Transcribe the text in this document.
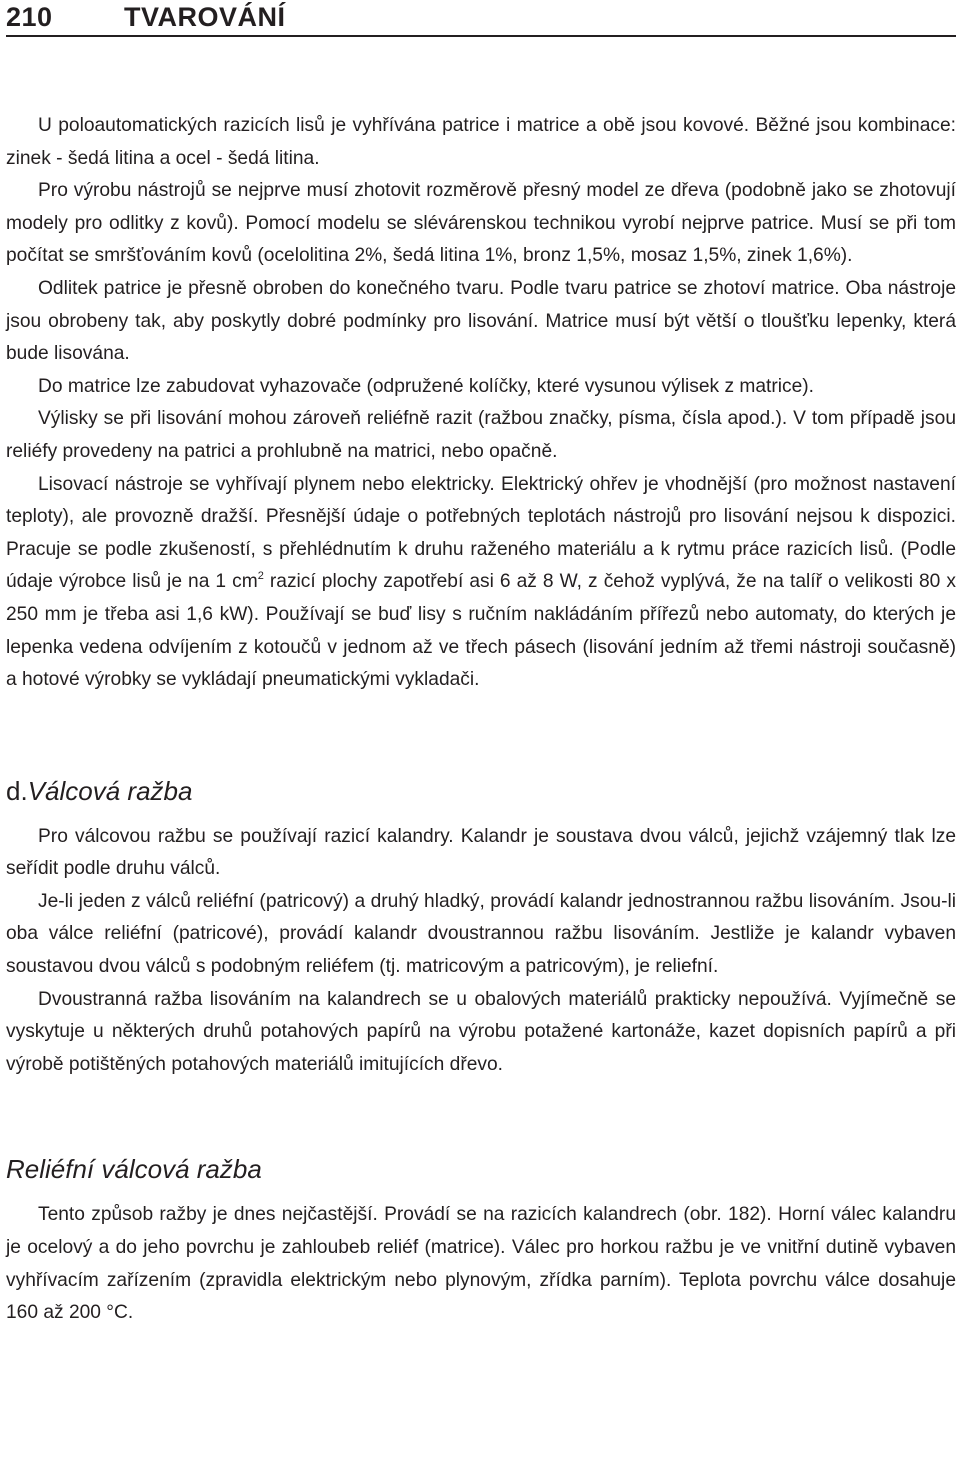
210	TVAROVÁNÍ

U poloautomatických razicích lisů je vyhřívána patrice i matrice a obě jsou kovové. Běžné jsou kombinace: zinek - šedá litina a ocel - šedá litina.

Pro výrobu nástrojů se nejprve musí zhotovit rozměrově přesný model ze dřeva (podobně jako se zhotovují modely pro odlitky z kovů). Pomocí modelu se slévárenskou technikou vyrobí nejprve patrice. Musí se při tom počítat se smršťováním kovů (ocelolitina 2%, šedá litina 1%, bronz 1,5%, mosaz 1,5%, zinek 1,6%).

Odlitek patrice je přesně obroben do konečného tvaru. Podle tvaru patrice se zhotoví matrice. Oba nástroje jsou obrobeny tak, aby poskytly dobré podmínky pro lisování. Matrice musí být větší o tloušťku lepenky, která bude lisována.

Do matrice lze zabudovat vyhazovače (odpružené kolíčky, které vysunou výlisek z matrice).

Výlisky se při lisování mohou zároveň reliéfně razit (ražbou značky, písma, čísla apod.). V tom případě jsou reliéfy provedeny na patrici a prohlubně na matrici, nebo opačně.

Lisovací nástroje se vyhřívají plynem nebo elektricky. Elektrický ohřev je vhodnější (pro možnost nastavení teploty), ale provozně dražší. Přesnější údaje o potřebných teplotách nástrojů pro lisování nejsou k dispozici. Pracuje se podle zkušeností, s přehlédnutím k druhu raženého materiálu a k rytmu práce razicích lisů. (Podle údaje výrobce lisů je na 1 $cm^2$ razicí plochy zapotřebí asi 6 až 8 W, z čehož vyplývá, že na talíř o velikosti 80 x 250 mm je třeba asi 1,6 kW). Používají se buď lisy s ručním nakládáním přířezů nebo automaty, do kterých je lepenka vedena odvíjením z kotoučů v jednom až ve třech pásech (lisování jedním až třemi nástroji současně) a hotové výrobky se vykládají pneumatickými vykladači.

d.Válcová ražba

Pro válcovou ražbu se používají razicí kalandry. Kalandr je soustava dvou válců, jejichž vzájemný tlak lze seřídit podle druhu válců.

Je-li jeden z válců reliéfní (patricový) a druhý hladký, provádí kalandr jednostrannou ražbu lisováním. Jsou-li oba válce reliéfní (patricové), provádí kalandr dvoustrannou ražbu lisováním. Jestliže je kalandr vybaven soustavou dvou válců s podobným reliéfem (tj. matricovým a patricovým), je reliefní.

Dvoustranná ražba lisováním na kalandrech se u obalových materiálů prakticky nepoužívá. Vyjímečně se vyskytuje u některých druhů potahových papírů na výrobu potažené kartonáže, kazet dopisních papírů a při výrobě potištěných potahových materiálů imitujících dřevo.

Reliéfní válcová ražba

Tento způsob ražby je dnes nejčastější. Provádí se na razicích kalandrech (obr. 182). Horní válec kalandru je ocelový a do jeho povrchu je zahloubeb reliéf (matrice). Válec pro horkou ražbu je ve vnitřní dutině vybaven vyhřívacím zařízením (zpravidla elektrickým nebo plynovým, zřídka parním). Teplota povrchu válce dosahuje 160 až 200 °C.
